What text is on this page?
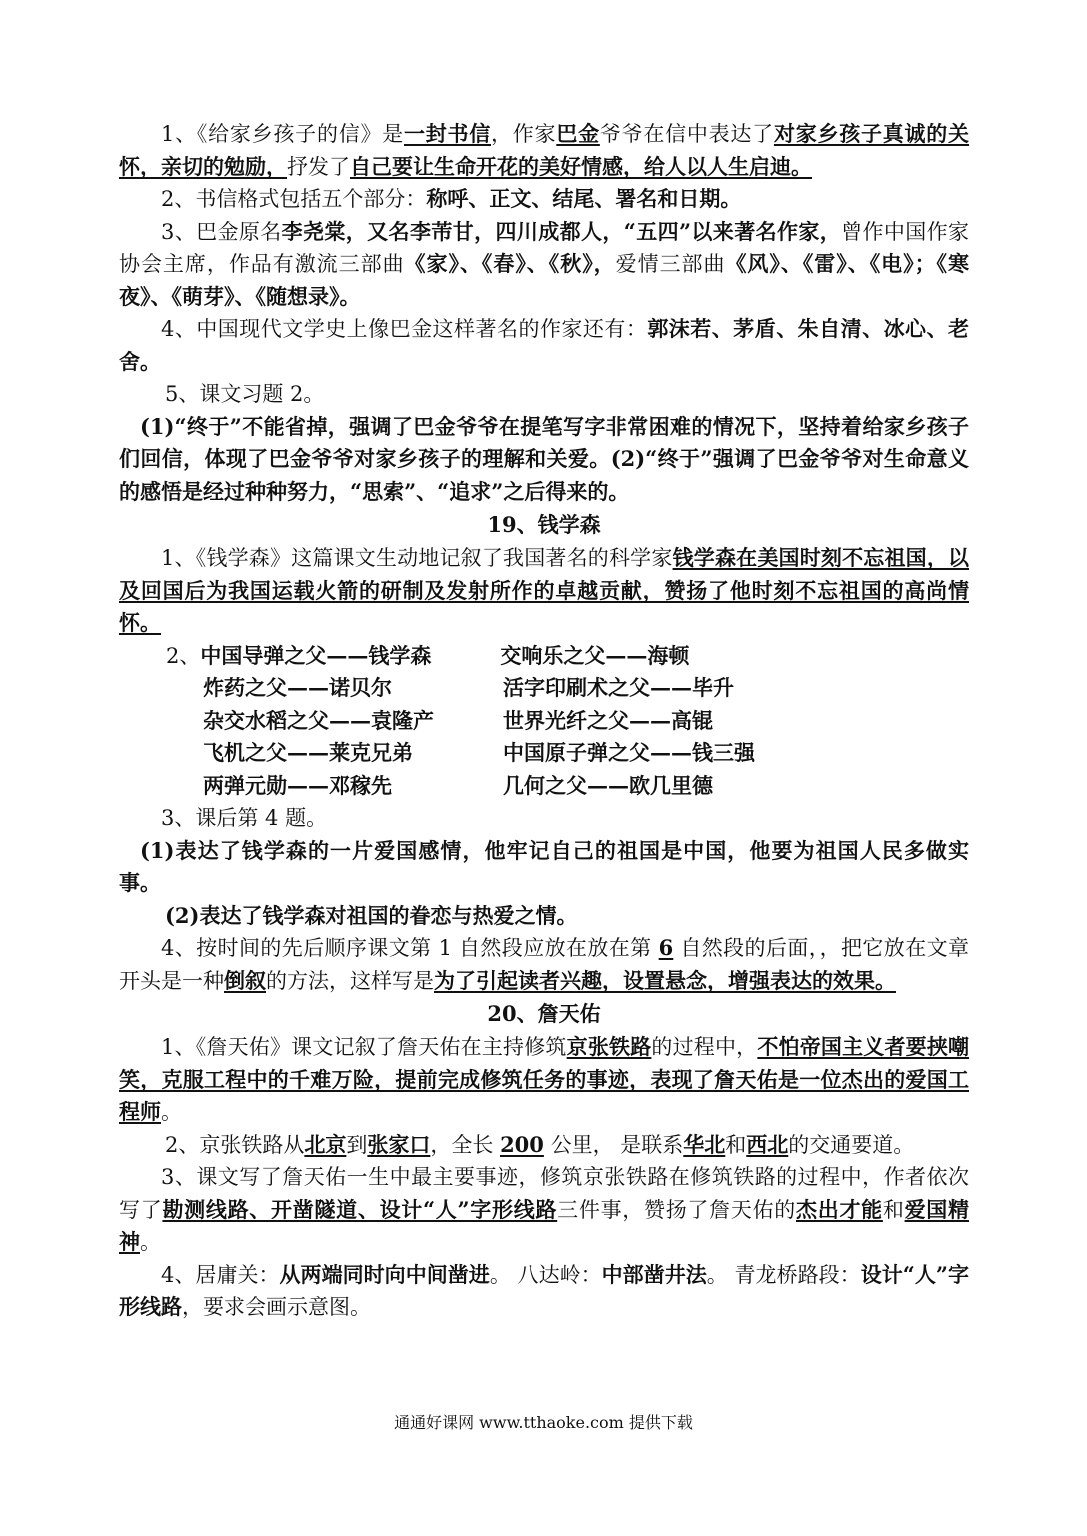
1、《给家乡孩子的信》是一封书信，作家巴金爷爷在信中表达了对家乡孩子真诚的关怀，亲切的勉励，抒发了自己要让生命开花的美好情感，给人以人生启迪。

2、书信格式包括五个部分：称呼、正文、结尾、署名和日期。

3、巴金原名李尧棠，又名李芾甘，四川成都人，“五四”以来著名作家，曾作中国作家协会主席，作品有激流三部曲《家》、《春》、《秋》，爱情三部曲《风》、《雷》、《电》；《寒夜》、《萌芽》、《随想录》。

4、中国现代文学史上像巴金这样著名的作家还有：郭沫若、茅盾、朱自清、冰心、老舍。

5、课文习题 2。

(1)“终于”不能省掉，强调了巴金爷爷在提笔写字非常困难的情况下，坚持着给家乡孩子们回信，体现了巴金爷爷对家乡孩子的理解和关爱。(2)“终于”强调了巴金爷爷对生命意义的感悟是经过种种努力，“思索”、“追求”之后得来的。

19、钱学森

1、《钱学森》这篇课文生动地记叙了我国著名的科学家钱学森在美国时刻不忘祖国，以及回国后为我国运载火箭的研制及发射所作的卓越贡献，赞扬了他时刻不忘祖国的高尚情怀。

2、 中国导弹之父——钱学森	交响乐之父——海顿
炸药之父——诺贝尔	活字印刷术之父——毕升
杂交水稻之父——袁隆产	世界光纤之父——高锟
飞机之父——莱克兄弟	中国原子弹之父——钱三强
两弹元勋——邓稼先	几何之父——欧几里德

3、课后第 4 题。

(1)表达了钱学森的一片爱国感情，他牢记自己的祖国是中国，他要为祖国人民多做实事。

(2)表达了钱学森对祖国的眷恋与热爱之情。

4、按时间的先后顺序课文第 1 自然段应放在放在第 6 自然段的后面，，把它放在文章开头是一种倒叙的方法，这样写是为了引起读者兴趣，设置悬念，增强表达的效果。

20、詹天佑

1、《詹天佑》课文记叙了詹天佑在主持修筑京张铁路的过程中，不怕帝国主义者要挟嘲笑，克服工程中的千难万险，提前完成修筑任务的事迹，表现了詹天佑是一位杰出的爱国工程师。

2、京张铁路从北京到张家口，全长 200 公里， 是联系华北和西北的交通要道。

3、课文写了詹天佑一生中最主要事迹，修筑京张铁路在修筑铁路的过程中，作者依次写了勘测线路、开凿隧道、设计“人”字形线路三件事，赞扬了詹天佑的杰出才能和爱国精神。

4、居庸关：从两端同时向中间凿进。 八达岭：中部凿井法。 青龙桥路段：设计“人”字形线路，要求会画示意图。

通通好课网 www.tthaoke.com 提供下载
